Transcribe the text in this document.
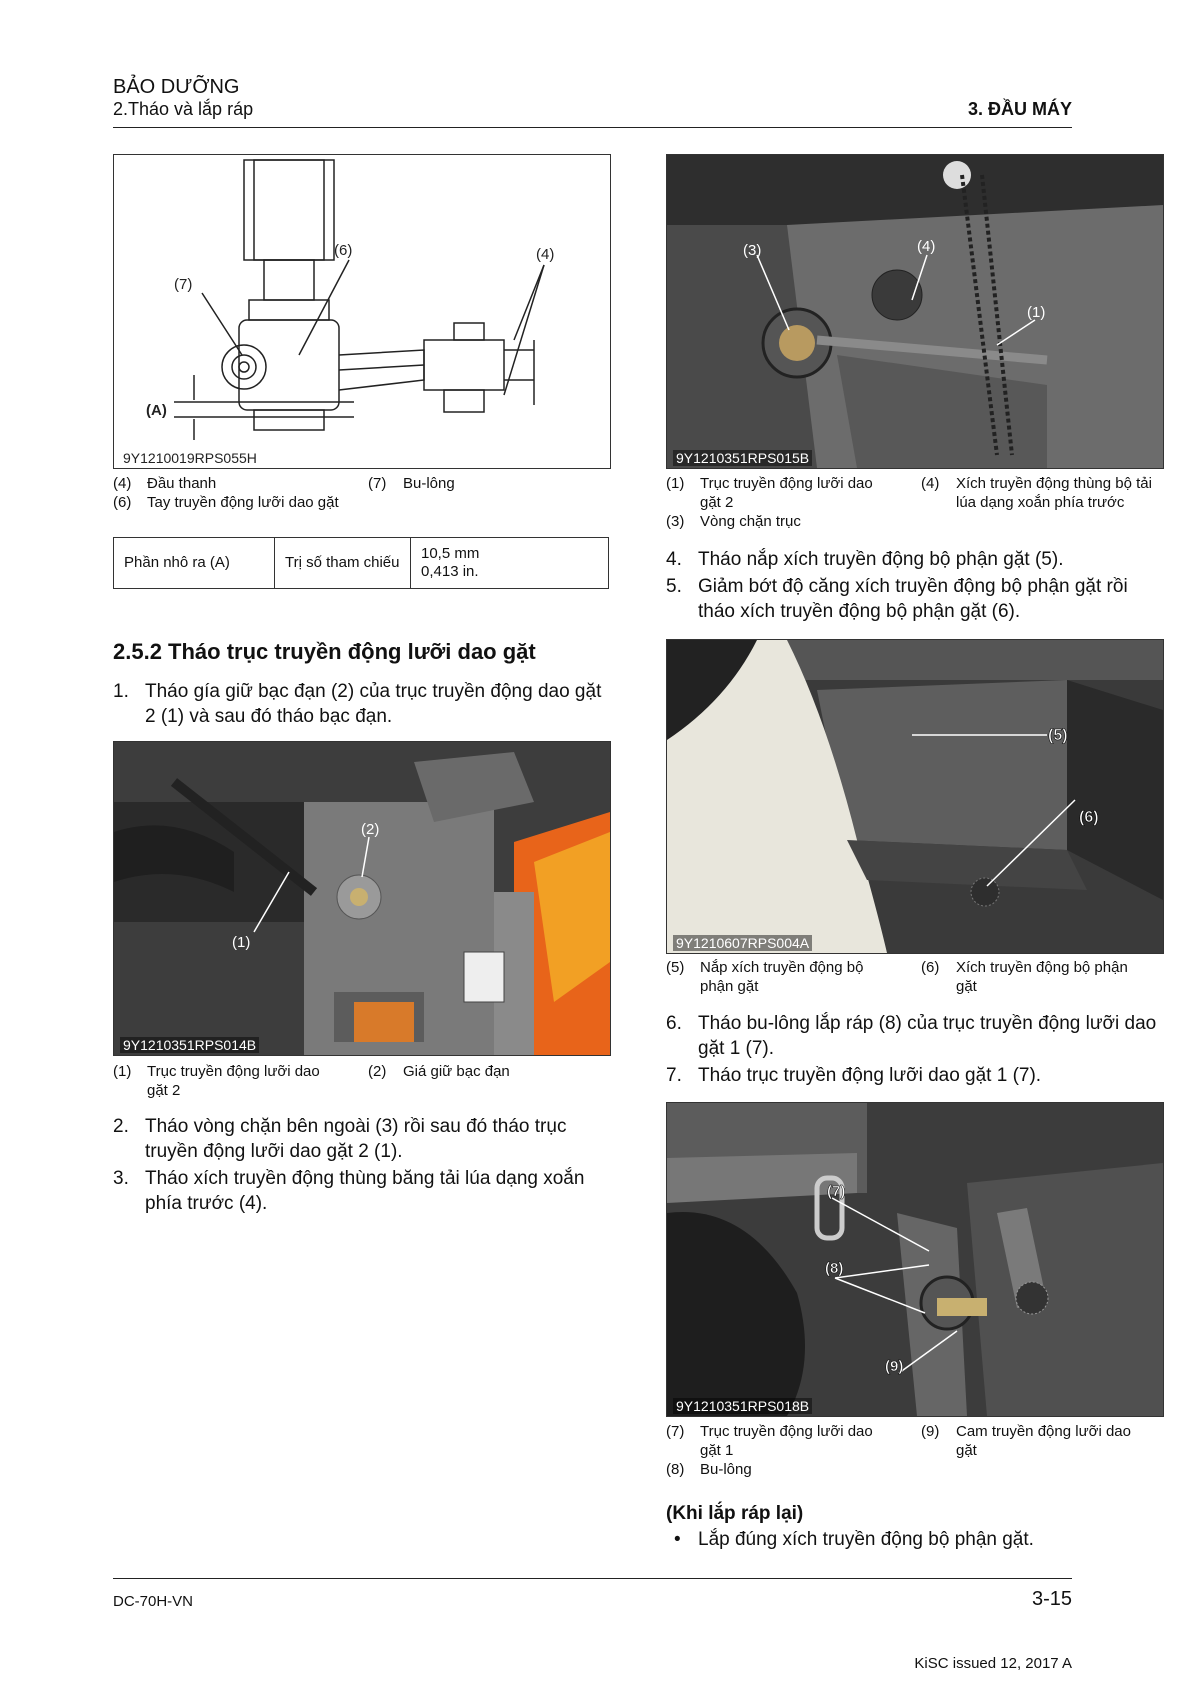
BẢO DƯỠNG
2.Tháo và lắp ráp	3. ĐẦU MÁY
(6)	(4)
(7)
(A)
9Y1210019RPS055H
(4) Đầu thanh	(7) Bu-lông
(6) Tay truyền động lưỡi dao gặt
Phần nhô ra (A)	Trị số tham chiếu	
10,5 mm
0,413 in.
2.5.2 Tháo trục truyền động lưỡi dao gặt
1. Tháo gía giữ bạc đạn (2) của trục truyền động dao gặt 2 (1) và sau đó tháo bạc đạn.
(2)
(1)
9Y1210351RPS014B
(1) Trục truyền động lưỡi dao gặt 2
(2) Giá giữ bạc đạn
2. Tháo vòng chặn bên ngoài (3) rồi sau đó tháo trục truyền động lưỡi dao gặt 2 (1).
3. Tháo xích truyền động thùng băng tải lúa dạng xoắn phía trước (4).
(3)	(4)
(1)
9Y1210351RPS015B
(1) Trục truyền động lưỡi dao gặt 2
(4) Xích truyền động thùng bộ tải lúa dạng xoắn phía trước
(3) Vòng chặn trục
4. Tháo nắp xích truyền động bộ phận gặt (5).
5. Giảm bớt độ căng xích truyền động bộ phận gặt rồi tháo xích truyền động bộ phận gặt (6).
(5)
(6)
9Y1210607RPS004A
(5) Nắp xích truyền động bộ phận gặt
(6) Xích truyền động bộ phận gặt
6. Tháo bu-lông lắp ráp (8) của trục truyền động lưỡi dao gặt 1 (7).
7. Tháo trục truyền động lưỡi dao gặt 1 (7).
(7)
(8)
(9)
9Y1210351RPS018B
(7) Trục truyền động lưỡi dao gặt 1
(9) Cam truyền động lưỡi dao gặt
(8) Bu-lông
(Khi lắp ráp lại)
• Lắp đúng xích truyền động bộ phận gặt.
DC-70H-VN	3-15
KiSC issued 12, 2017 A
